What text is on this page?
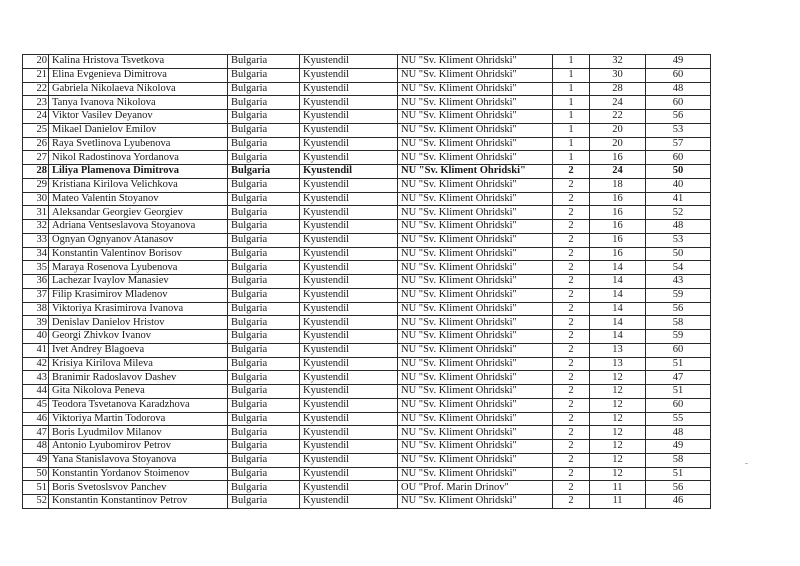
20	Kalina Hristova Tsvetkova	Bulgaria	Kyustendil	NU "Sv. Kliment Ohridski"	1	32	49
21	Elina Evgenieva Dimitrova	Bulgaria	Kyustendil	NU "Sv. Kliment Ohridski"	1	30	60
22	Gabriela Nikolaeva Nikolova	Bulgaria	Kyustendil	NU "Sv. Kliment Ohridski"	1	28	48
23	Tanya Ivanova Nikolova	Bulgaria	Kyustendil	NU "Sv. Kliment Ohridski"	1	24	60
24	Viktor Vasilev Deyanov	Bulgaria	Kyustendil	NU "Sv. Kliment Ohridski"	1	22	56
25	Mikael Danielov Emilov	Bulgaria	Kyustendil	NU "Sv. Kliment Ohridski"	1	20	53
26	Raya Svetlinova Lyubenova	Bulgaria	Kyustendil	NU "Sv. Kliment Ohridski"	1	20	57
27	Nikol Radostinova Yordanova	Bulgaria	Kyustendil	NU "Sv. Kliment Ohridski"	1	16	60
28	Liliya Plamenova Dimitrova	Bulgaria	Kyustendil	NU "Sv. Kliment Ohridski"	2	24	50
29	Kristiana Kirilova Velichkova	Bulgaria	Kyustendil	NU "Sv. Kliment Ohridski"	2	18	40
30	Mateo Valentin Stoyanov	Bulgaria	Kyustendil	NU "Sv. Kliment Ohridski"	2	16	41
31	Aleksandar Georgiev Georgiev	Bulgaria	Kyustendil	NU "Sv. Kliment Ohridski"	2	16	52
32	Adriana Ventseslavova Stoyanova	Bulgaria	Kyustendil	NU "Sv. Kliment Ohridski"	2	16	48
33	Ognyan Ognyanov Atanasov	Bulgaria	Kyustendil	NU "Sv. Kliment Ohridski"	2	16	53
34	Konstantin Valentinov Borisov	Bulgaria	Kyustendil	NU "Sv. Kliment Ohridski"	2	16	50
35	Maraya Rosenova Lyubenova	Bulgaria	Kyustendil	NU "Sv. Kliment Ohridski"	2	14	54
36	Lachezar Ivaylov Manasiev	Bulgaria	Kyustendil	NU "Sv. Kliment Ohridski"	2	14	43
37	Filip Krasimirov Mladenov	Bulgaria	Kyustendil	NU "Sv. Kliment Ohridski"	2	14	59
38	Viktoriya Krasimirova Ivanova	Bulgaria	Kyustendil	NU "Sv. Kliment Ohridski"	2	14	56
39	Denislav Danielov Hristov	Bulgaria	Kyustendil	NU "Sv. Kliment Ohridski"	2	14	58
40	Georgi Zhivkov Ivanov	Bulgaria	Kyustendil	NU "Sv. Kliment Ohridski"	2	14	59
41	Ivet Andrey Blagoeva	Bulgaria	Kyustendil	NU "Sv. Kliment Ohridski"	2	13	60
42	Krisiya Kirilova Mileva	Bulgaria	Kyustendil	NU "Sv. Kliment Ohridski"	2	13	51
43	Branimir Radoslavov Dashev	Bulgaria	Kyustendil	NU "Sv. Kliment Ohridski"	2	12	47
44	Gita Nikolova Peneva	Bulgaria	Kyustendil	NU "Sv. Kliment Ohridski"	2	12	51
45	Teodora Tsvetanova Karadzhova	Bulgaria	Kyustendil	NU "Sv. Kliment Ohridski"	2	12	60
46	Viktoriya Martin Todorova	Bulgaria	Kyustendil	NU "Sv. Kliment Ohridski"	2	12	55
47	Boris Lyudmilov Milanov	Bulgaria	Kyustendil	NU "Sv. Kliment Ohridski"	2	12	48
48	Antonio Lyubomirov Petrov	Bulgaria	Kyustendil	NU "Sv. Kliment Ohridski"	2	12	49
49	Yana Stanislavova Stoyanova	Bulgaria	Kyustendil	NU "Sv. Kliment Ohridski"	2	12	58
50	Konstantin Yordanov Stoimenov	Bulgaria	Kyustendil	NU "Sv. Kliment Ohridski"	2	12	51
51	Boris Svetoslsvov Panchev	Bulgaria	Kyustendil	OU "Prof. Marin Drinov"	2	11	56
52	Konstantin Konstantinov Petrov	Bulgaria	Kyustendil	NU "Sv. Kliment Ohridski"	2	11	46
